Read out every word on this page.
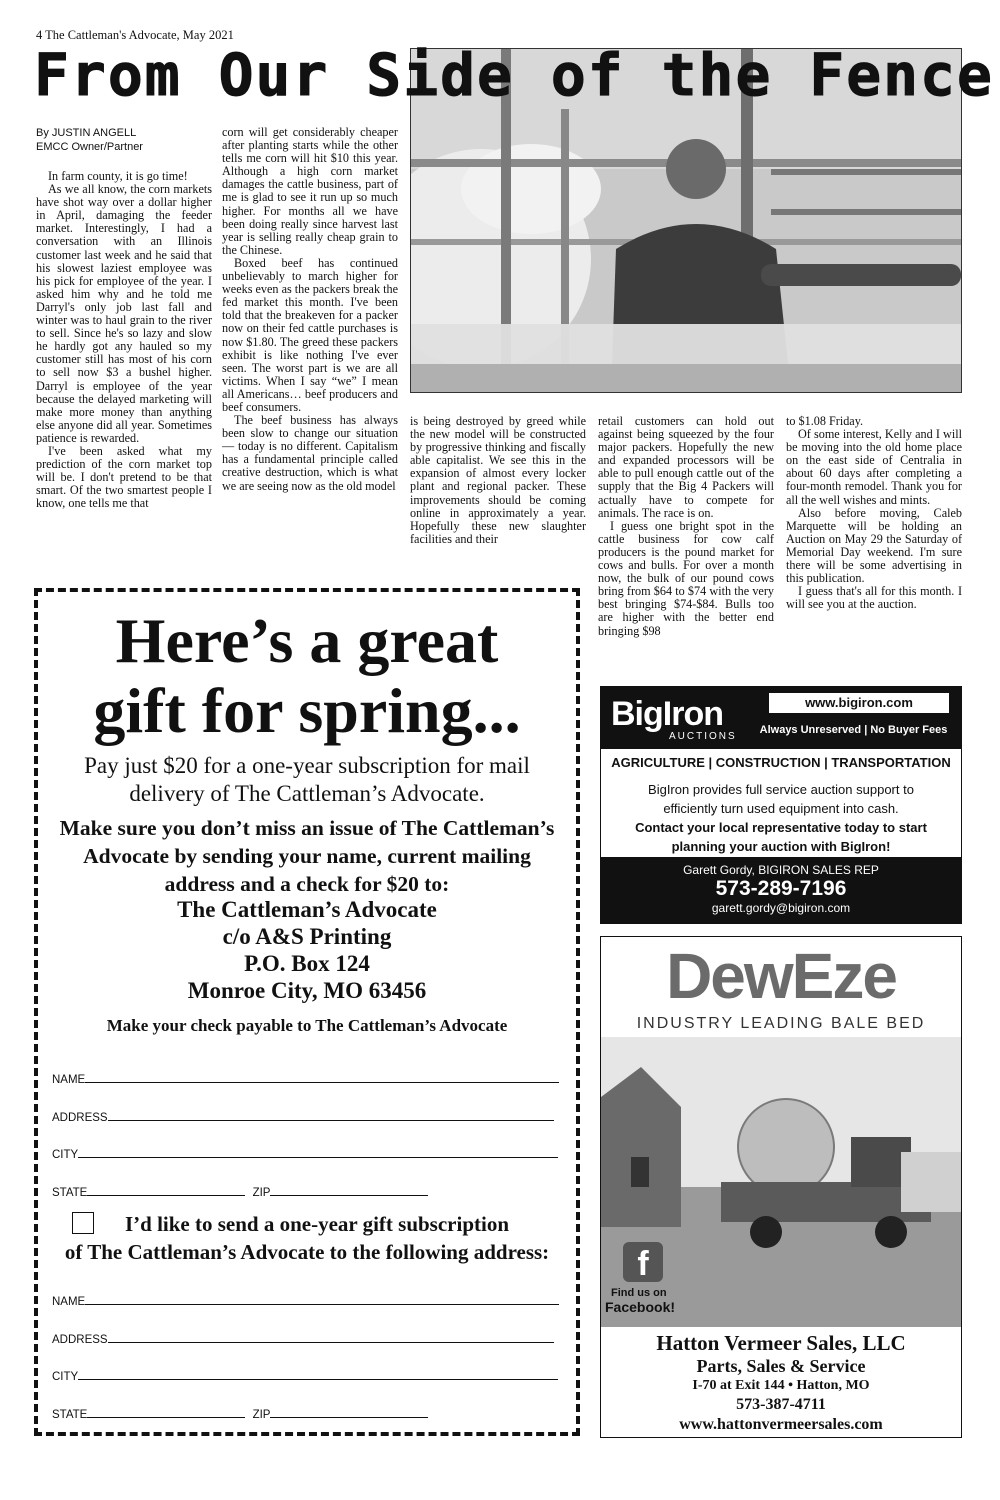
4 The Cattleman's Advocate, May 2021
From Our Side of the Fence
By JUSTIN ANGELL
EMCC Owner/Partner

In farm county, it is go time!

As we all know, the corn markets have shot way over a dollar higher in April, damaging the feeder market. Interestingly, I had a conversation with an Illinois customer last week and he said that his slowest laziest employee was his pick for employee of the year. I asked him why and he told me Darryl's only job last fall and winter was to haul grain to the river to sell. Since he's so lazy and slow he hardly got any hauled so my customer still has most of his corn to sell now $3 a bushel higher. Darryl is employee of the year because the delayed marketing will make more money than anything else anyone did all year. Sometimes patience is rewarded.

I've been asked what my prediction of the corn market top will be. I don't pretend to be that smart. Of the two smartest people I know, one tells me that

corn will get considerably cheaper after planting starts while the other tells me corn will hit $10 this year. Although a high corn market damages the cattle business, part of me is glad to see it run up so much higher. For months all we have been doing really since harvest last year is selling really cheap grain to the Chinese.

Boxed beef has continued unbelievably to march higher for weeks even as the packers break the fed market this month. I've been told that the breakeven for a packer now on their fed cattle purchases is now $1.80. The greed these packers exhibit is like nothing I've ever seen. The worst part is we are all victims. When I say “we” I mean all Americans… beef producers and beef consumers.

The beef business has always been slow to change our situation — today is no different. Capitalism has a fundamental principle called creative destruction, which is what we are seeing now as the old model

is being destroyed by greed while the new model will be constructed by progressive thinking and fiscally able capitalist. We see this in the expansion of almost every locker plant and regional packer. These improvements should be coming online in approximately a year. Hopefully these new slaughter facilities and their

retail customers can hold out against being squeezed by the four major packers. Hopefully the new and expanded processors will be able to pull enough cattle out of the supply that the Big 4 Packers will actually have to compete for animals. The race is on.

I guess one bright spot in the cattle business for cow calf producers is the pound market for cows and bulls. For over a month now, the bulk of our pound cows bring from $64 to $74 with the very best bringing $74-$84. Bulls too are higher with the better end bringing $98

to $1.08 Friday.

Of some interest, Kelly and I will be moving into the old home place on the east side of Centralia in about 60 days after completing a four-month remodel. Thank you for all the well wishes and mints.

Also before moving, Caleb Marquette will be holding an Auction on May 29 the Saturday of Memorial Day weekend. I'm sure there will be some advertising in this publication.

I guess that's all for this month. I will see you at the auction.

Here’s a great
gift for spring...
Pay just $20 for a one-year subscription for mail
delivery of The Cattleman’s Advocate.
Make sure you don’t miss an issue of The Cattleman’s
Advocate by sending your name, current mailing
address and a check for $20 to:
The Cattleman’s Advocate
c/o A&S Printing
P.O. Box 124
Monroe City, MO 63456
Make your check payable to The Cattleman’s Advocate
NAME
ADDRESS
CITY
STATE	ZIP
I’d like to send a one-year gift subscription
of The Cattleman’s Advocate to the following address:
NAME
ADDRESS
CITY
STATE	ZIP
BigIron
AUCTIONS
www.bigiron.com
Always Unreserved | No Buyer Fees
AGRICULTURE | CONSTRUCTION | TRANSPORTATION
BigIron provides full service auction support to
efficiently turn used equipment into cash.
Contact your local representative today to start
planning your auction with BigIron!
Garett Gordy, BIGIRON SALES REP
573-289-7196
garett.gordy@bigiron.com
DewEze
INDUSTRY LEADING BALE BED
f
Find us on
Facebook!
Hatton Vermeer Sales, LLC
Parts, Sales & Service
I-70 at Exit 144 • Hatton, MO
573-387-4711
www.hattonvermeersales.com
